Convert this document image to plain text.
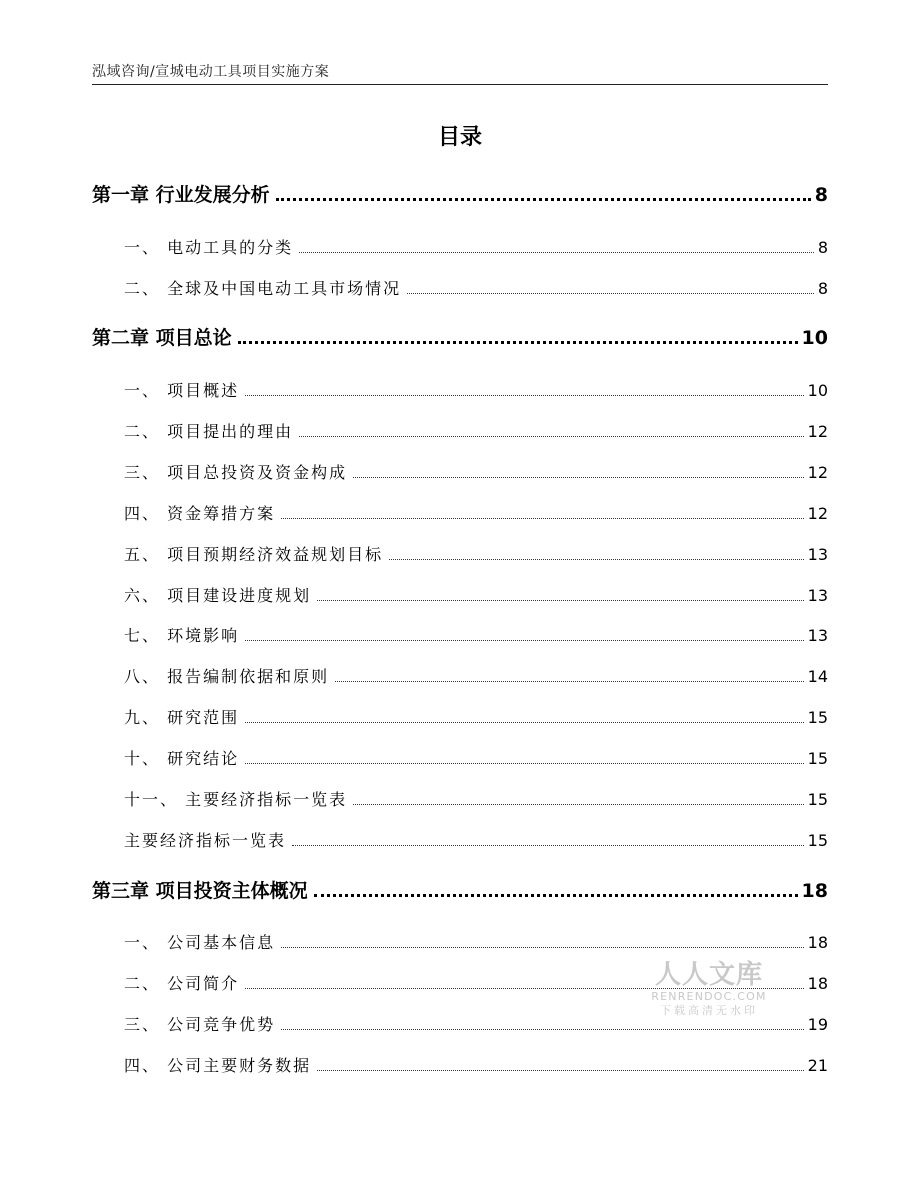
泓域咨询/宣城电动工具项目实施方案
目录
第一章 行业发展分析	8
一、 电动工具的分类	8
二、 全球及中国电动工具市场情况	8
第二章 项目总论	10
一、 项目概述	10
二、 项目提出的理由	12
三、 项目总投资及资金构成	12
四、 资金筹措方案	12
五、 项目预期经济效益规划目标	13
六、 项目建设进度规划	13
七、 环境影响	13
八、 报告编制依据和原则	14
九、 研究范围	15
十、 研究结论	15
十一、 主要经济指标一览表	15
主要经济指标一览表	15
第三章 项目投资主体概况	18
一、 公司基本信息	18
二、 公司简介	18
三、 公司竞争优势	19
四、 公司主要财务数据	21
人人文库
RENRENDOC.COM
下载高清无水印
